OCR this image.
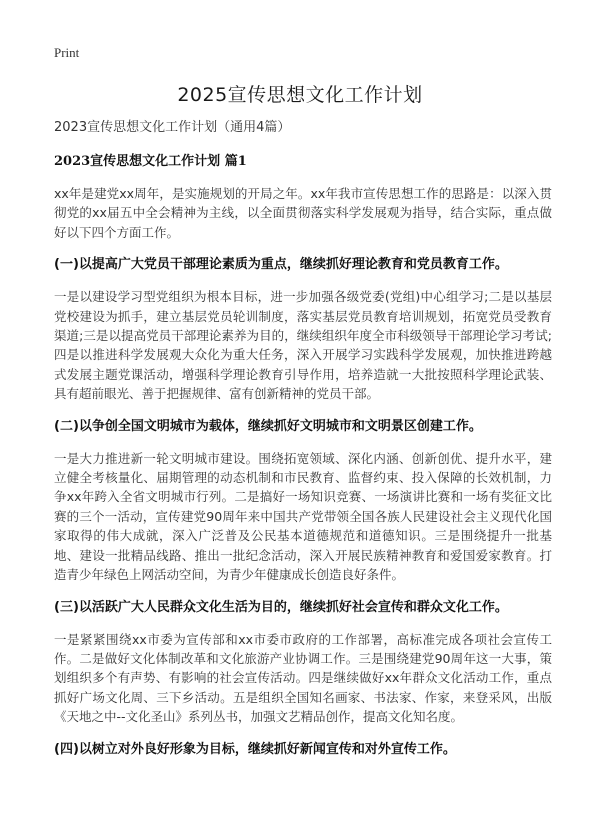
Print
2025宣传思想文化工作计划
2023宣传思想文化工作计划（通用4篇）
2023宣传思想文化工作计划 篇1

xx年是建党xx周年，是实施规划的开局之年。xx年我市宣传思想工作的思路是：以深入贯彻党的xx届五中全会精神为主线，以全面贯彻落实科学发展观为指导，结合实际，重点做好以下四个方面工作。

(一)以提高广大党员干部理论素质为重点，继续抓好理论教育和党员教育工作。

一是以建设学习型党组织为根本目标，进一步加强各级党委(党组)中心组学习;二是以基层党校建设为抓手，建立基层党员轮训制度，落实基层党员教育培训规划，拓宽党员受教育渠道;三是以提高党员干部理论素养为目的，继续组织年度全市科级领导干部理论学习考试;四是以推进科学发展观大众化为重大任务，深入开展学习实践科学发展观，加快推进跨越式发展主题党课活动，增强科学理论教育引导作用，培养造就一大批按照科学理论武装、具有超前眼光、善于把握规律、富有创新精神的党员干部。

(二)以争创全国文明城市为载体，继续抓好文明城市和文明景区创建工作。

一是大力推进新一轮文明城市建设。围绕拓宽领域、深化内涵、创新创优、提升水平，建立健全考核量化、届期管理的动态机制和市民教育、监督约束、投入保障的长效机制，力争xx年跨入全省文明城市行列。二是搞好一场知识竞赛、一场演讲比赛和一场有奖征文比赛的三个一活动，宣传建党90周年来中国共产党带领全国各族人民建设社会主义现代化国家取得的伟大成就，深入广泛普及公民基本道德规范和道德知识。三是围绕提升一批基地、建设一批精品线路、推出一批纪念活动，深入开展民族精神教育和爱国爱家教育。打造青少年绿色上网活动空间，为青少年健康成长创造良好条件。

(三)以活跃广大人民群众文化生活为目的，继续抓好社会宣传和群众文化工作。

一是紧紧围绕xx市委为宣传部和xx市委市政府的工作部署，高标准完成各项社会宣传工作。二是做好文化体制改革和文化旅游产业协调工作。三是围绕建党90周年这一大事，策划组织多个有声势、有影响的社会宣传活动。四是继续做好xx年群众文化活动工作，重点抓好广场文化周、三下乡活动。五是组织全国知名画家、书法家、作家，来登采风，出版《天地之中--文化圣山》系列丛书，加强文艺精品创作，提高文化知名度。

(四)以树立对外良好形象为目标，继续抓好新闻宣传和对外宣传工作。
